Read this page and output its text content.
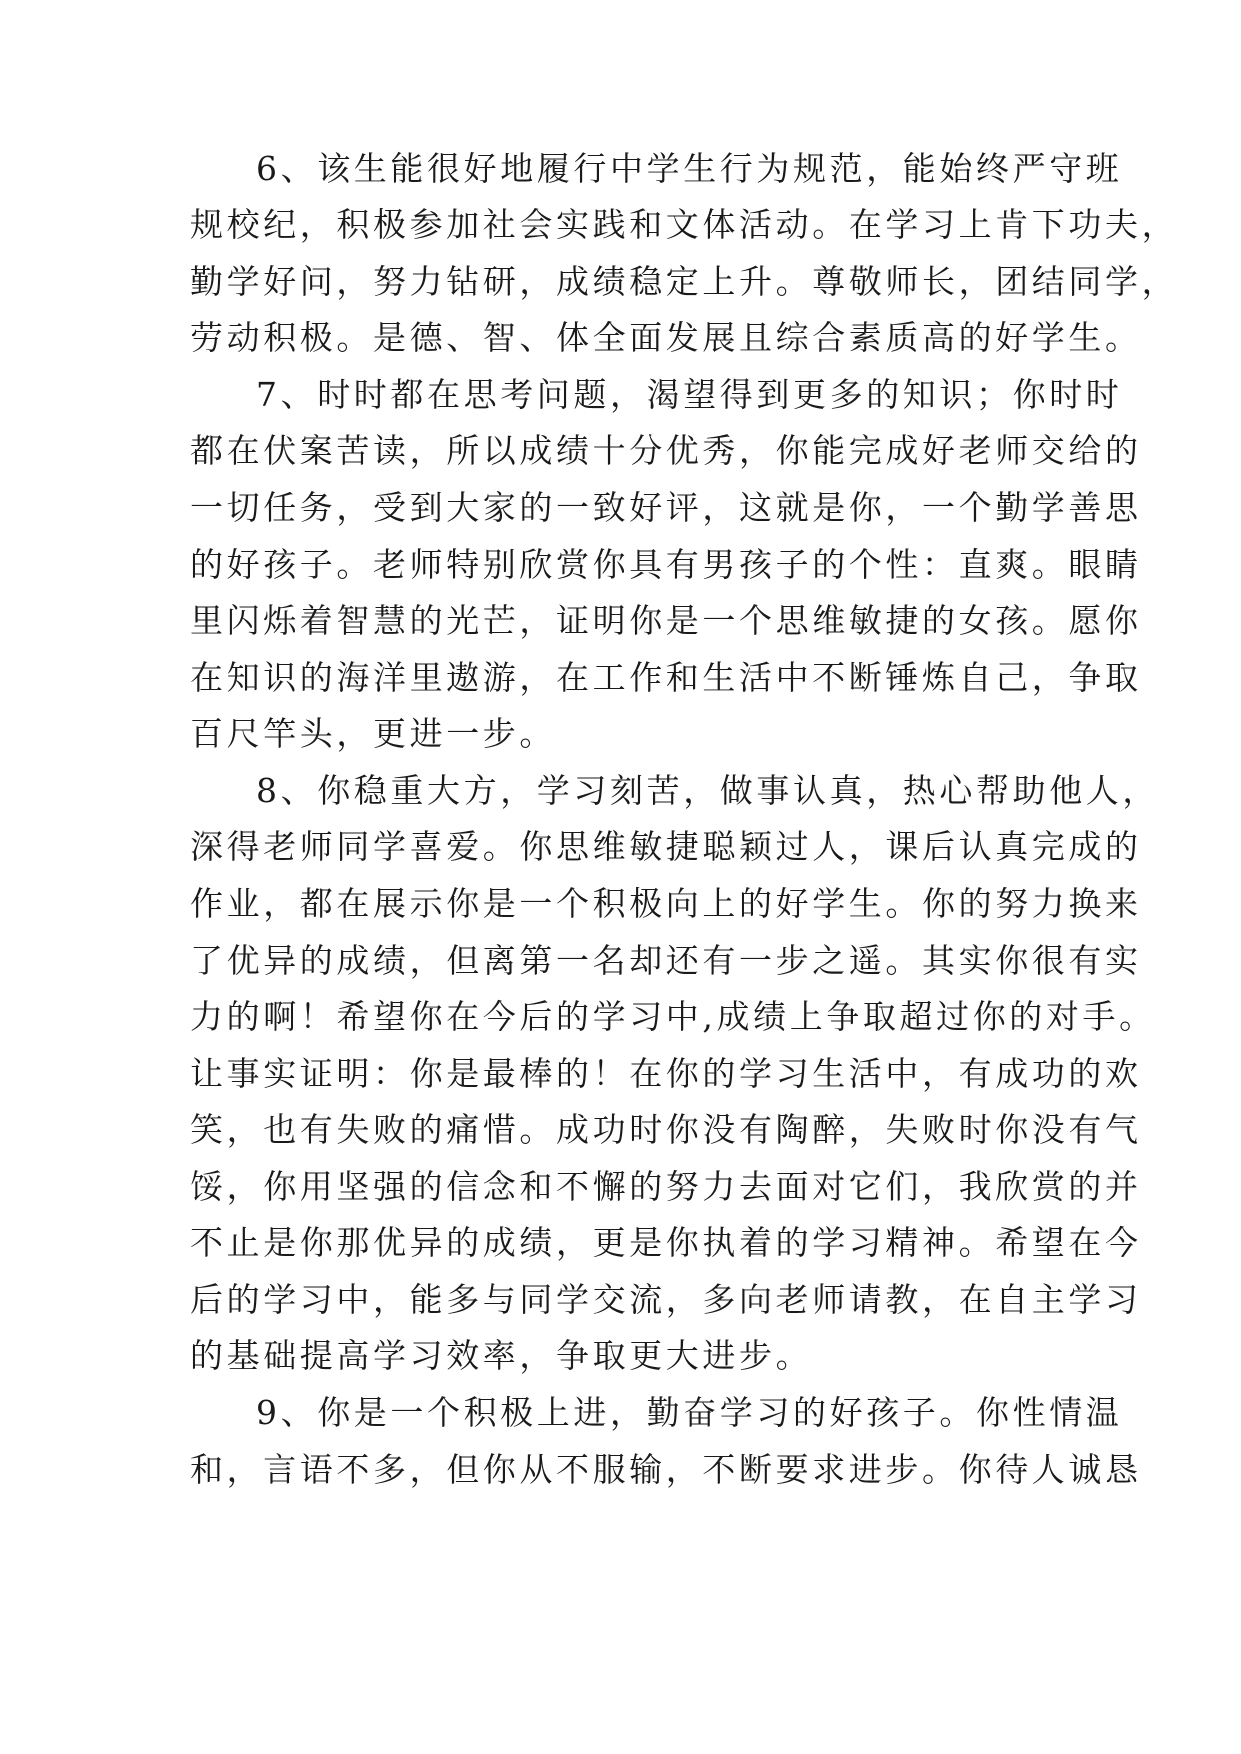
6、该生能很好地履行中学生行为规范，能始终严守班
规校纪，积极参加社会实践和文体活动。在学习上肯下功夫，
勤学好问，努力钻研，成绩稳定上升。尊敬师长，团结同学，
劳动积极。是德、智、体全面发展且综合素质高的好学生。
7、时时都在思考问题，渴望得到更多的知识；你时时
都在伏案苦读，所以成绩十分优秀，你能完成好老师交给的
一切任务，受到大家的一致好评，这就是你，一个勤学善思
的好孩子。老师特别欣赏你具有男孩子的个性：直爽。眼睛
里闪烁着智慧的光芒，证明你是一个思维敏捷的女孩。愿你
在知识的海洋里遨游，在工作和生活中不断锤炼自己，争取
百尺竿头，更进一步。
8、你稳重大方，学习刻苦，做事认真，热心帮助他人，
深得老师同学喜爱。你思维敏捷聪颖过人，课后认真完成的
作业，都在展示你是一个积极向上的好学生。你的努力换来
了优异的成绩，但离第一名却还有一步之遥。其实你很有实
力的啊！希望你在今后的学习中,成绩上争取超过你的对手。
让事实证明：你是最棒的！在你的学习生活中，有成功的欢
笑，也有失败的痛惜。成功时你没有陶醉，失败时你没有气
馁，你用坚强的信念和不懈的努力去面对它们，我欣赏的并
不止是你那优异的成绩，更是你执着的学习精神。希望在今
后的学习中，能多与同学交流，多向老师请教，在自主学习
的基础提高学习效率，争取更大进步。
9、你是一个积极上进，勤奋学习的好孩子。你性情温
和，言语不多，但你从不服输，不断要求进步。你待人诚恳
